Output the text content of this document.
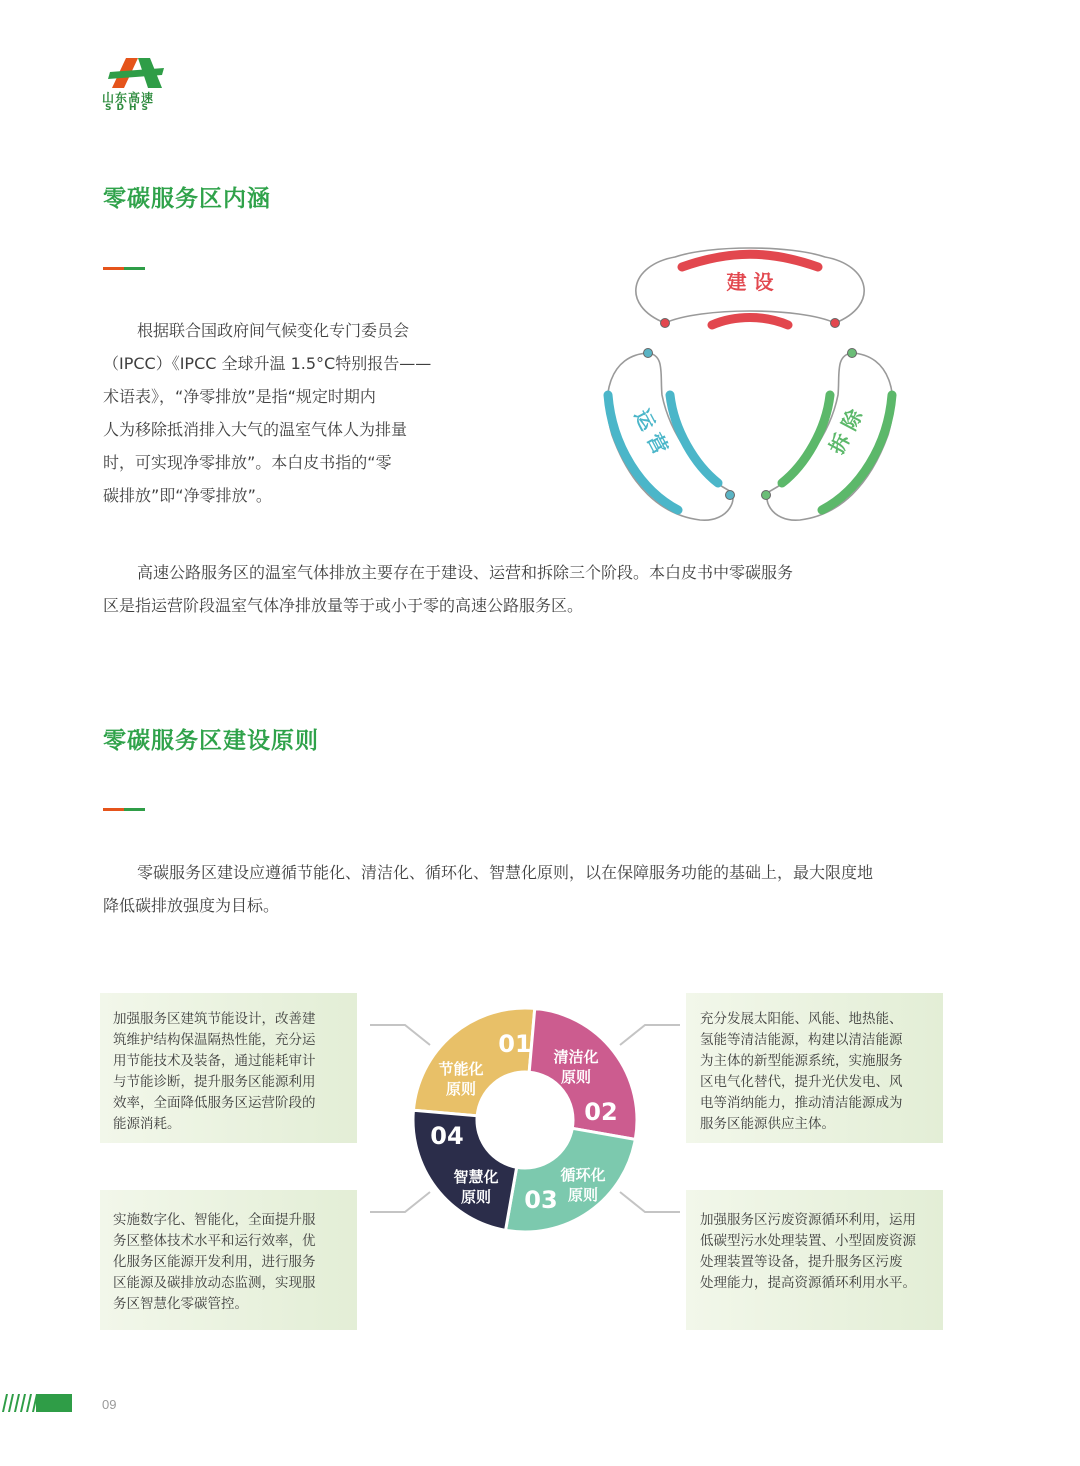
山东高速
SDHS
零碳服务区内涵
根据联合国政府间气候变化专门委员会
（IPCC）《IPCC 全球升温 1.5°C特别报告——
术语表》，“净零排放”是指“规定时期内
人为移除抵消排入大气的温室气体人为排量
时，可实现净零排放”。本白皮书指的“零
碳排放”即“净零排放”。
建 设
运 营	拆 除
高速公路服务区的温室气体排放主要存在于建设、运营和拆除三个阶段。本白皮书中零碳服务
区是指运营阶段温室气体净排放量等于或小于零的高速公路服务区。
零碳服务区建设原则
零碳服务区建设应遵循节能化、清洁化、循环化、智慧化原则，以在保障服务功能的基础上，最大限度地
降低碳排放强度为目标。
加强服务区建筑节能设计，改善建
筑维护结构保温隔热性能，充分运
用节能技术及装备，通过能耗审计
与节能诊断，提升服务区能源利用
效率，全面降低服务区运营阶段的
能源消耗。
充分发展太阳能、风能、地热能、
氢能等清洁能源，构建以清洁能源
为主体的新型能源系统，实施服务
区电气化替代，提升光伏发电、风
电等消纳能力，推动清洁能源成为
服务区能源供应主体。
实施数字化、智能化，全面提升服
务区整体技术水平和运行效率，优
化服务区能源开发利用，进行服务
区能源及碳排放动态监测，实现服
务区智慧化零碳管控。
加强服务区污废资源循环利用，运用
低碳型污水处理装置、小型固废资源
处理装置等设备，提升服务区污废
处理能力，提高资源循环利用水平。
01
02
03
04
节能化
原则
清洁化
原则
循环化
原则
智慧化
原则
09
